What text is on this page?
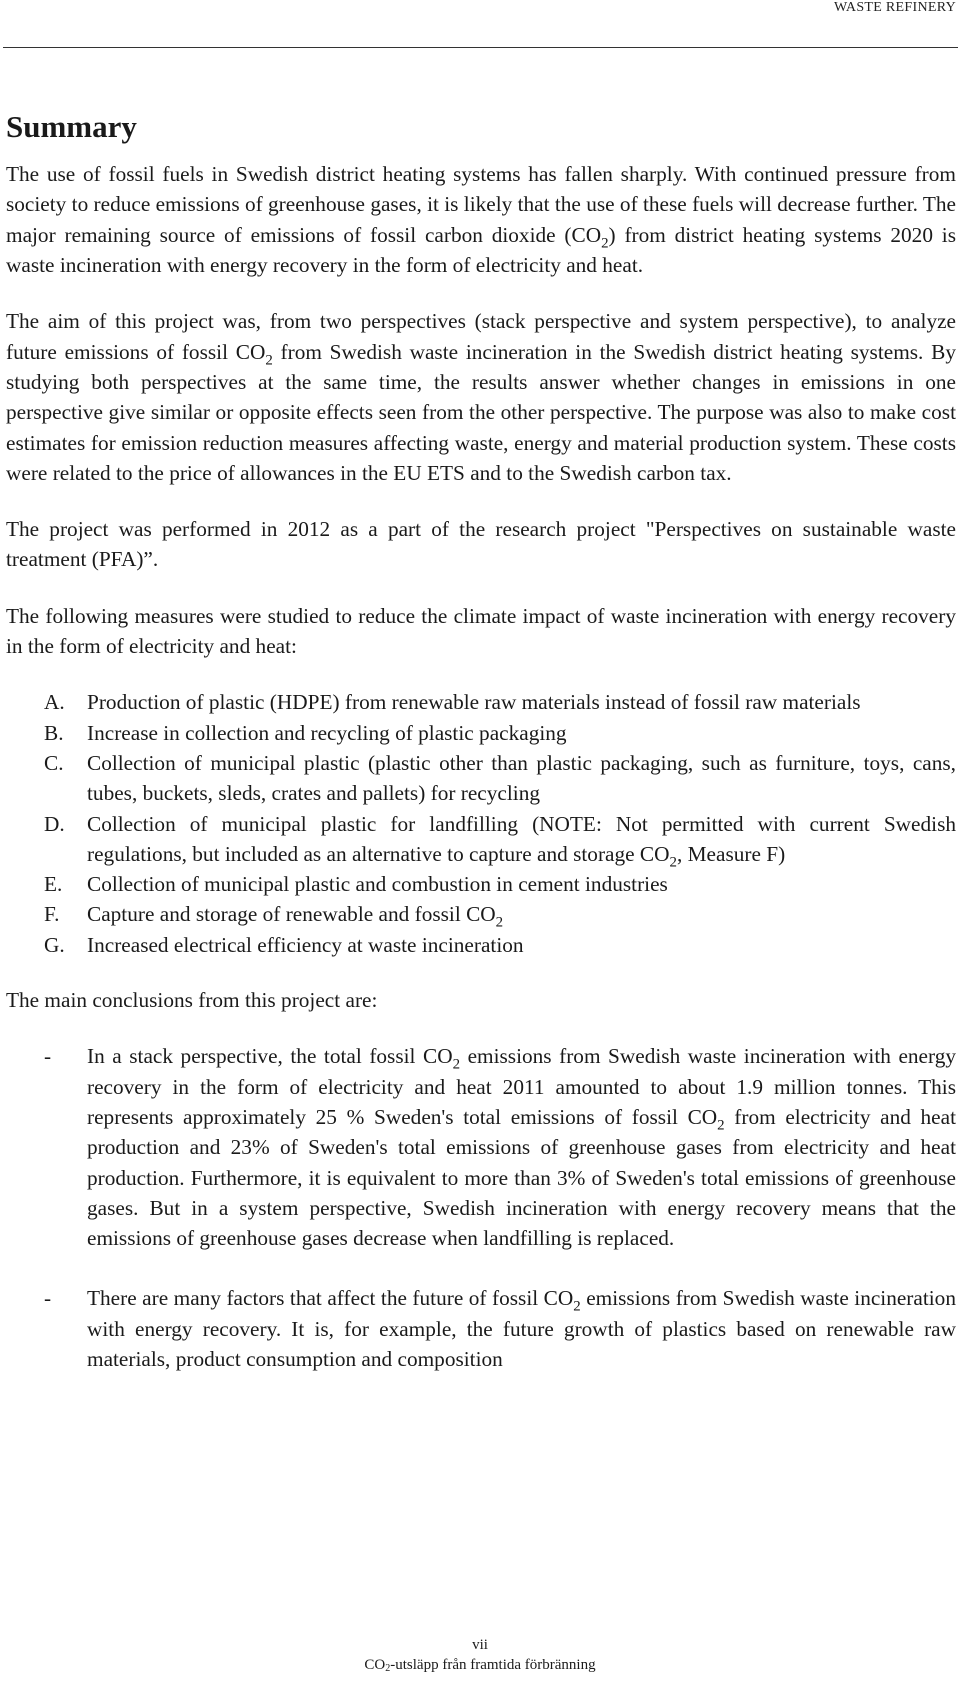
WASTE REFINERY
Summary

The use of fossil fuels in Swedish district heating systems has fallen sharply. With continued pressure from society to reduce emissions of greenhouse gases, it is likely that the use of these fuels will decrease further. The major remaining source of emissions of fossil carbon dioxide $(CO_2)$ from district heating systems 2020 is waste incineration with energy recovery in the form of electricity and heat.

The aim of this project was, from two perspectives (stack perspective and system perspective), to analyze future emissions of fossil $CO_2$ from Swedish waste incineration in the Swedish district heating systems. By studying both perspectives at the same time, the results answer whether changes in emissions in one perspective give similar or opposite effects seen from the other perspective. The purpose was also to make cost estimates for emission reduction measures affecting waste, energy and material production system. These costs were related to the price of allowances in the EU ETS and to the Swedish carbon tax.

The project was performed in 2012 as a part of the research project "Perspectives on sustainable waste treatment (PFA)”.

The following measures were studied to reduce the climate impact of waste incineration with energy recovery in the form of electricity and heat:

A. Production of plastic (HDPE) from renewable raw materials instead of fossil raw materials
B. Increase in collection and recycling of plastic packaging
C. Collection of municipal plastic (plastic other than plastic packaging, such as furniture, toys, cans, tubes, buckets, sleds, crates and pallets) for recycling
D. Collection of municipal plastic for landfilling (NOTE: Not permitted with current Swedish regulations, but included as an alternative to capture and storage $CO_2$, Measure F)
E. Collection of municipal plastic and combustion in cement industries
F. Capture and storage of renewable and fossil $CO_2$
G. Increased electrical efficiency at waste incineration

The main conclusions from this project are:

- In a stack perspective, the total fossil $CO_2$ emissions from Swedish waste incineration with energy recovery in the form of electricity and heat 2011 amounted to about 1.9 million tonnes. This represents approximately 25 % Sweden's total emissions of fossil $CO_2$ from electricity and heat production and 23% of Sweden's total emissions of greenhouse gases from electricity and heat production. Furthermore, it is equivalent to more than 3% of Sweden's total emissions of greenhouse gases. But in a system perspective, Swedish incineration with energy recovery means that the emissions of greenhouse gases decrease when landfilling is replaced.
- There are many factors that affect the future of fossil $CO_2$ emissions from Swedish waste incineration with energy recovery. It is, for example, the future growth of plastics based on renewable raw materials, product consumption and composition
vii
CO2-utsläpp från framtida förbränning
